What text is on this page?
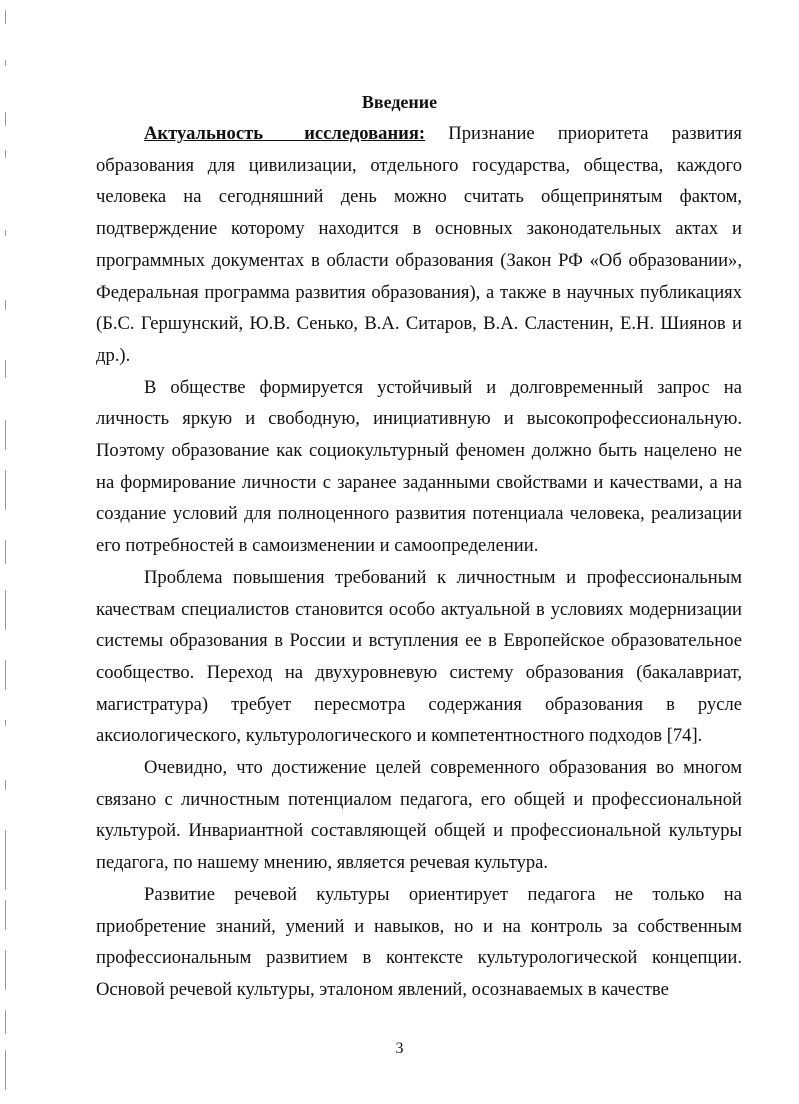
Введение

Актуальность исследования: Признание приоритета развития образования для цивилизации, отдельного государства, общества, каждого человека на сегодняшний день можно считать общепринятым фактом, подтверждение которому находится в основных законодательных актах и программных документах в области образования (Закон РФ «Об образовании», Федеральная программа развития образования), а также в научных публикациях (Б.С. Гершунский, Ю.В. Сенько, В.А. Ситаров, В.А. Сластенин, Е.Н. Шиянов и др.).

В обществе формируется устойчивый и долговременный запрос на личность яркую и свободную, инициативную и высокопрофессиональную. Поэтому образование как социокультурный феномен должно быть нацелено не на формирование личности с заранее заданными свойствами и качествами, а на создание условий для полноценного развития потенциала человека, реализации его потребностей в самоизменении и самоопределении.

Проблема повышения требований к личностным и профессиональным качествам специалистов становится особо актуальной в условиях модернизации системы образования в России и вступления ее в Европейское образовательное сообщество. Переход на двухуровневую систему образования (бакалавриат, магистратура) требует пересмотра содержания образования в русле аксиологического, культурологического и компетентностного подходов [74].

Очевидно, что достижение целей современного образования во многом связано с личностным потенциалом педагога, его общей и профессиональной культурой. Инвариантной составляющей общей и профессиональной культуры педагога, по нашему мнению, является речевая культура.

Развитие речевой культуры ориентирует педагога не только на приобретение знаний, умений и навыков, но и на контроль за собственным профессиональным развитием в контексте культурологической концепции. Основой речевой культуры, эталоном явлений, осознаваемых в качестве

3
